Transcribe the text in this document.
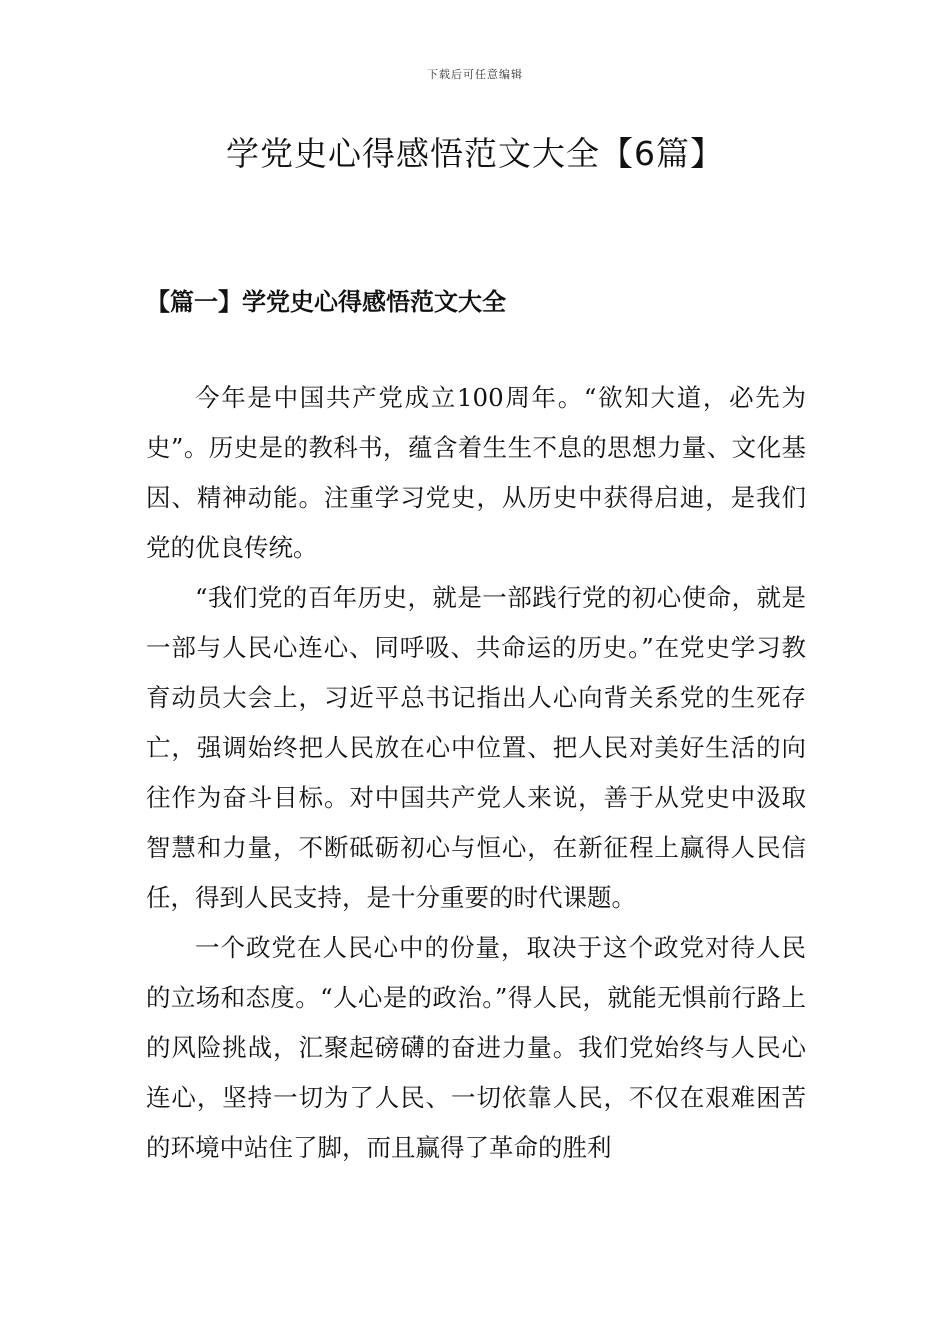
下载后可任意编辑
学党史心得感悟范文大全【6篇】
【篇一】学党史心得感悟范文大全

今年是中国共产党成立100周年。“欲知大道，必先为史”。历史是的教科书，蕴含着生生不息的思想力量、文化基因、精神动能。注重学习党史，从历史中获得启迪，是我们党的优良传统。

“我们党的百年历史，就是一部践行党的初心使命，就是一部与人民心连心、同呼吸、共命运的历史。”在党史学习教育动员大会上，习近平总书记指出人心向背关系党的生死存亡，强调始终把人民放在心中位置、把人民对美好生活的向往作为奋斗目标。对中国共产党人来说，善于从党史中汲取智慧和力量，不断砥砺初心与恒心，在新征程上赢得人民信任，得到人民支持，是十分重要的时代课题。

一个政党在人民心中的份量，取决于这个政党对待人民的立场和态度。“人心是的政治。”得人民，就能无惧前行路上的风险挑战，汇聚起磅礴的奋进力量。我们党始终与人民心连心，坚持一切为了人民、一切依靠人民，不仅在艰难困苦的环境中站住了脚，而且赢得了革命的胜利
